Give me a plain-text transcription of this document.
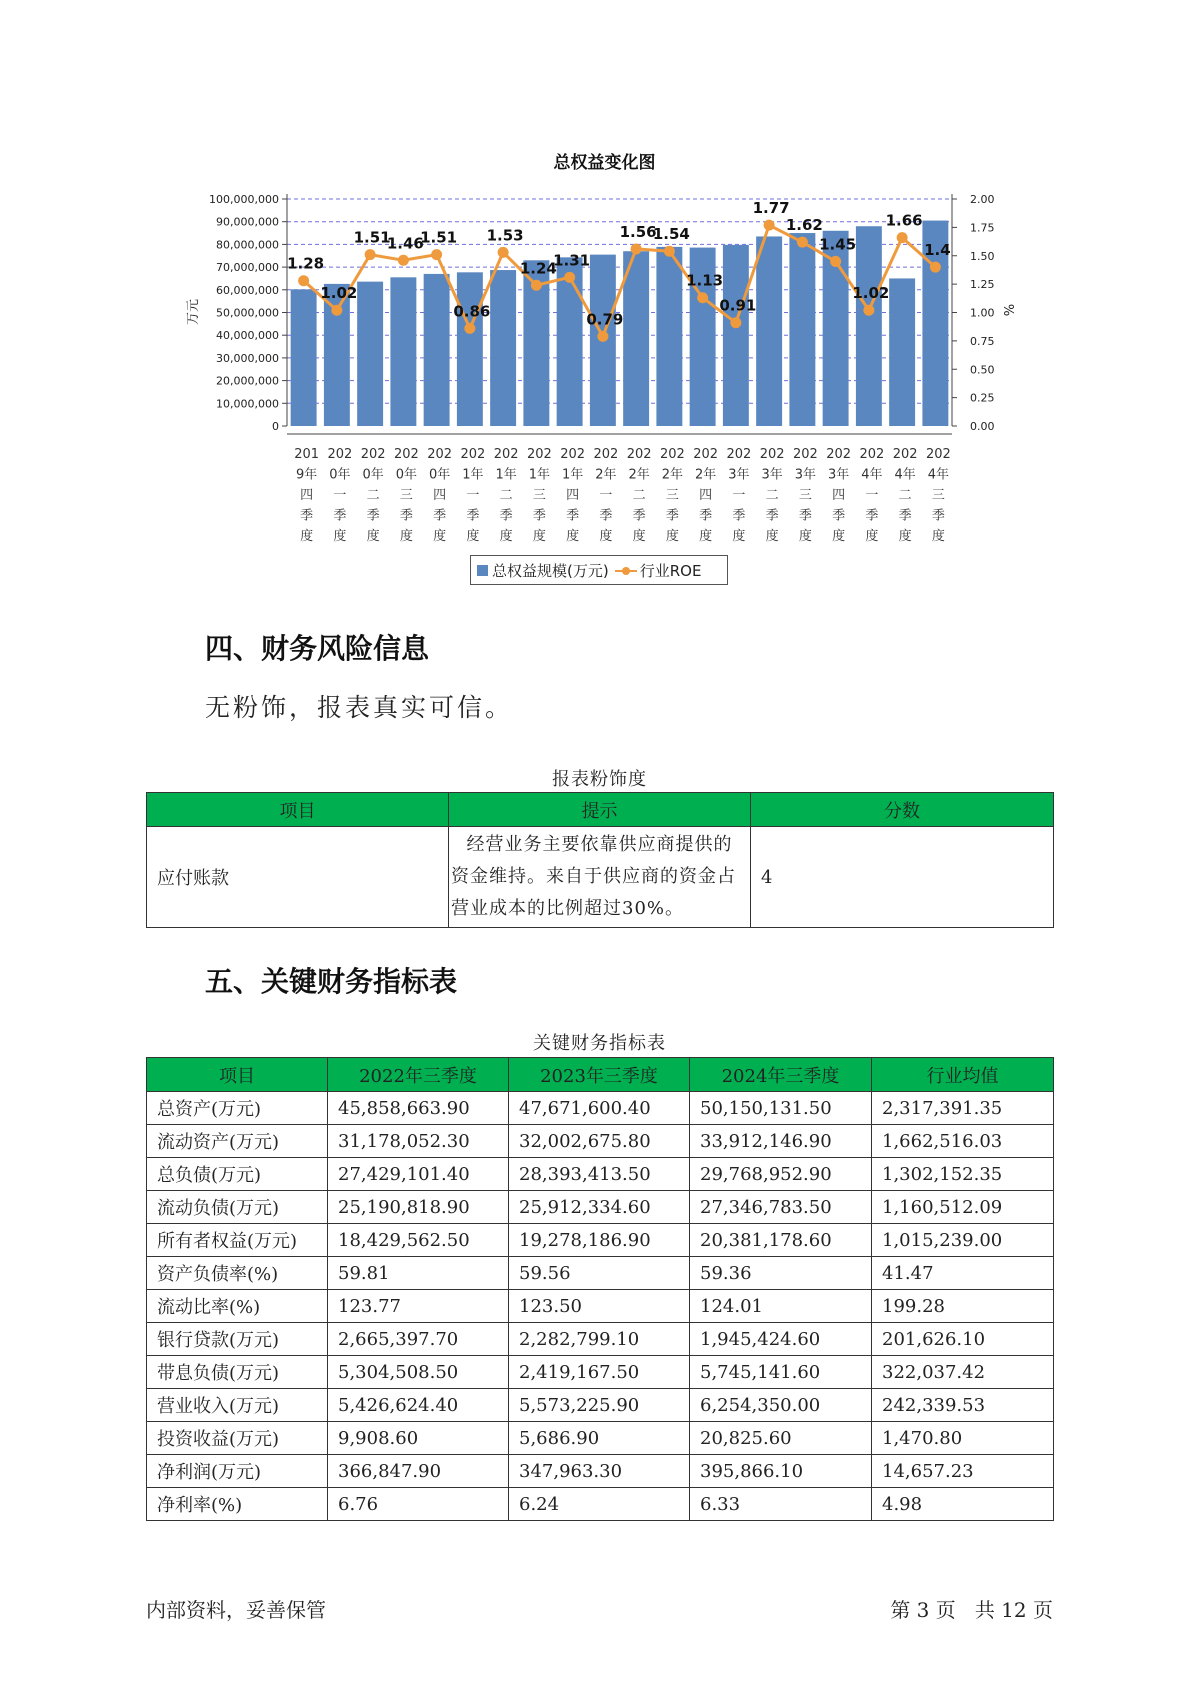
总权益变化图
0
10,000,000
20,000,000
30,000,000
40,000,000
50,000,000
60,000,000
70,000,000
80,000,000
90,000,000
100,000,000
0.00
0.25
0.50
0.75
1.00
1.25
1.50
1.75
2.00
万元	%
201 9年四季度
202 0年一季度
202 0年二季度
202 0年三季度
202 0年四季度
202 1年一季度
202 1年二季度
202 1年三季度
202 1年四季度
202 2年一季度
202 2年二季度
202 2年三季度
202 2年四季度
202 3年一季度
202 3年二季度
202 3年三季度
202 3年四季度
202 4年一季度
202 4年二季度
202 4年三季度
1.28
1.02
1.51
1.46
1.51
0.86
1.53
1.24
1.31
0.79
1.56
1.54
1.13
0.91
1.77
1.62
1.45
1.02
1.66
1.4
总权益规模(万元) 行业ROE
四、财务风险信息
无粉饰，报表真实可信。
报表粉饰度
项目	提示	分数
应付账款	经营业务主要依靠供应商提供的
资金维持。来自于供应商的资金占
营业成本的比例超过30%。	4
五、关键财务指标表
关键财务指标表
项目	2022年三季度	2023年三季度	2024年三季度	行业均值
总资产(万元)	45,858,663.90	47,671,600.40	50,150,131.50	2,317,391.35
流动资产(万元)	31,178,052.30	32,002,675.80	33,912,146.90	1,662,516.03
总负债(万元)	27,429,101.40	28,393,413.50	29,768,952.90	1,302,152.35
流动负债(万元)	25,190,818.90	25,912,334.60	27,346,783.50	1,160,512.09
所有者权益(万元)	18,429,562.50	19,278,186.90	20,381,178.60	1,015,239.00
资产负债率(%)	59.81	59.56	59.36	41.47
流动比率(%)	123.77	123.50	124.01	199.28
银行贷款(万元)	2,665,397.70	2,282,799.10	1,945,424.60	201,626.10
带息负债(万元)	5,304,508.50	2,419,167.50	5,745,141.60	322,037.42
营业收入(万元)	5,426,624.40	5,573,225.90	6,254,350.00	242,339.53
投资收益(万元)	9,908.60	5,686.90	20,825.60	1,470.80
净利润(万元)	366,847.90	347,963.30	395,866.10	14,657.23
净利率(%)	6.76	6.24	6.33	4.98
内部资料，妥善保管	第 3 页   共 12 页
